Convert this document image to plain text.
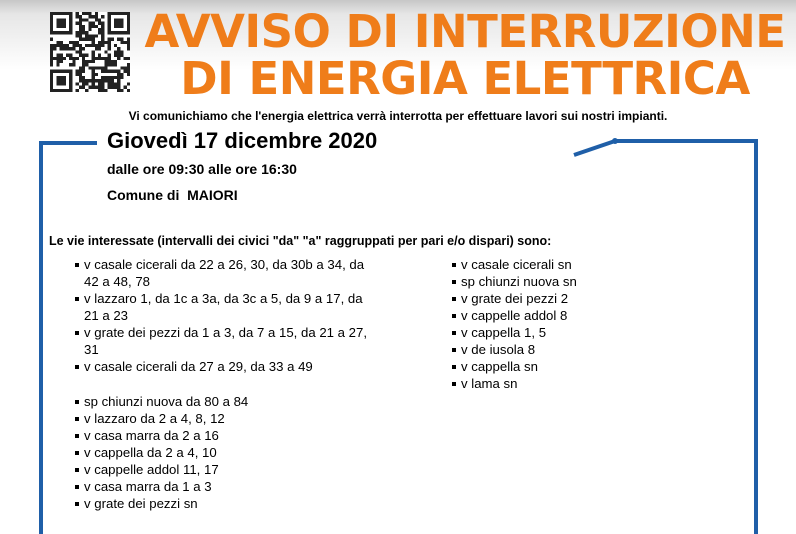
AVVISO DI INTERRUZIONE
DI ENERGIA ELETTRICA
Vi comunichiamo che l'energia elettrica verrà interrotta per effettuare lavori sui nostri impianti.
Giovedì 17 dicembre 2020
dalle ore 09:30 alle ore 16:30
Comune di  MAIORI
Le vie interessate (intervalli dei civici "da" "a" raggruppati per pari e/o dispari) sono:
v casale cicerali da 22 a 26, 30, da 30b a 34, da 42 a 48, 78
v lazzaro 1, da 1c a 3a, da 3c a 5, da 9 a 17, da 21 a 23
v grate dei pezzi da 1 a 3, da 7 a 15, da 21 a 27, 31
v casale cicerali da 27 a 29, da 33 a 49
sp chiunzi nuova da 80 a 84
v lazzaro da 2 a 4, 8, 12
v casa marra da 2 a 16
v cappella da 2 a 4, 10
v cappelle addol 11, 17
v casa marra da 1 a 3
v grate dei pezzi sn
v casale cicerali sn
sp chiunzi nuova sn
v grate dei pezzi 2
v cappelle addol 8
v cappella 1, 5
v de iusola 8
v cappella sn
v lama sn
